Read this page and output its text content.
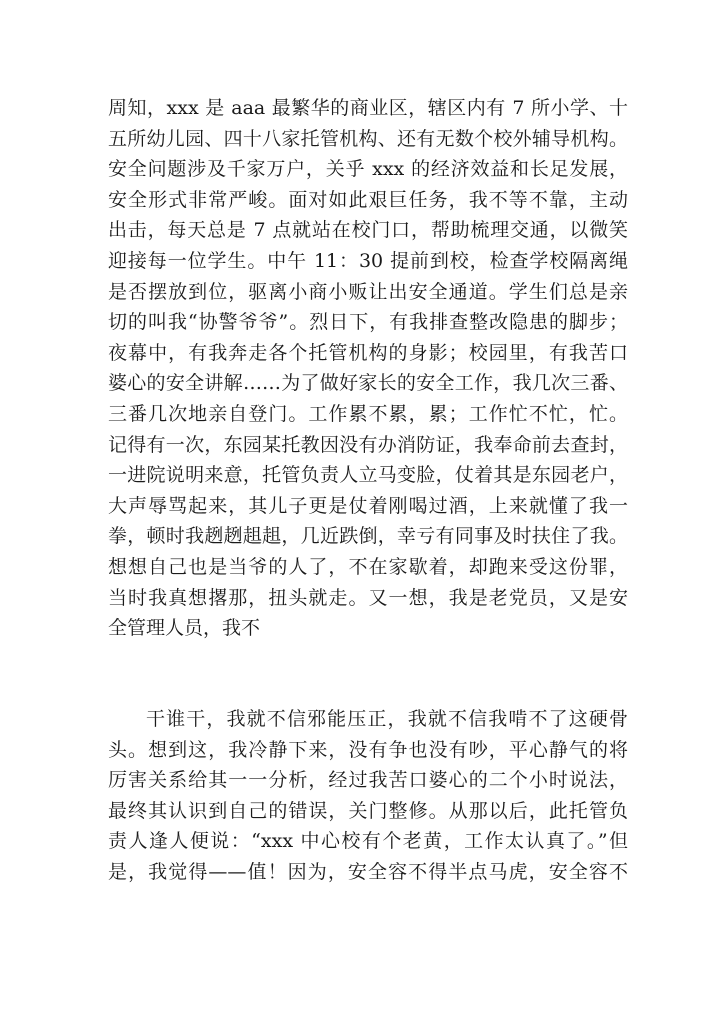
周知，xxx 是 aaa 最繁华的商业区，辖区内有 7 所小学、十
五所幼儿园、四十八家托管机构、还有无数个校外辅导机构。
安全问题涉及千家万户，关乎 xxx 的经济效益和长足发展，
安全形式非常严峻。面对如此艰巨任务，我不等不靠，主动
出击，每天总是 7 点就站在校门口，帮助梳理交通，以微笑
迎接每一位学生。中午 11：30 提前到校，检查学校隔离绳
是否摆放到位，驱离小商小贩让出安全通道。学生们总是亲
切的叫我“协警爷爷”。烈日下，有我排查整改隐患的脚步；
夜幕中，有我奔走各个托管机构的身影；校园里，有我苦口
婆心的安全讲解……为了做好家长的安全工作，我几次三番、
三番几次地亲自登门。工作累不累，累；工作忙不忙，忙。
记得有一次，东园某托教因没有办消防证，我奉命前去查封，
一进院说明来意，托管负责人立马变脸，仗着其是东园老户，
大声辱骂起来，其儿子更是仗着刚喝过酒，上来就懂了我一
拳，顿时我趔趔趄趄，几近跌倒，幸亏有同事及时扶住了我。
想想自己也是当爷的人了，不在家歇着，却跑来受这份罪，
当时我真想撂那，扭头就走。又一想，我是老党员，又是安
全管理人员，我不
干谁干，我就不信邪能压正，我就不信我啃不了这硬骨
头。想到这，我冷静下来，没有争也没有吵，平心静气的将
厉害关系给其一一分析，经过我苦口婆心的二个小时说法，
最终其认识到自己的错误，关门整修。从那以后，此托管负
责人逢人便说：“xxx 中心校有个老黄，工作太认真了。”但
是，我觉得——值！因为，安全容不得半点马虎，安全容不
